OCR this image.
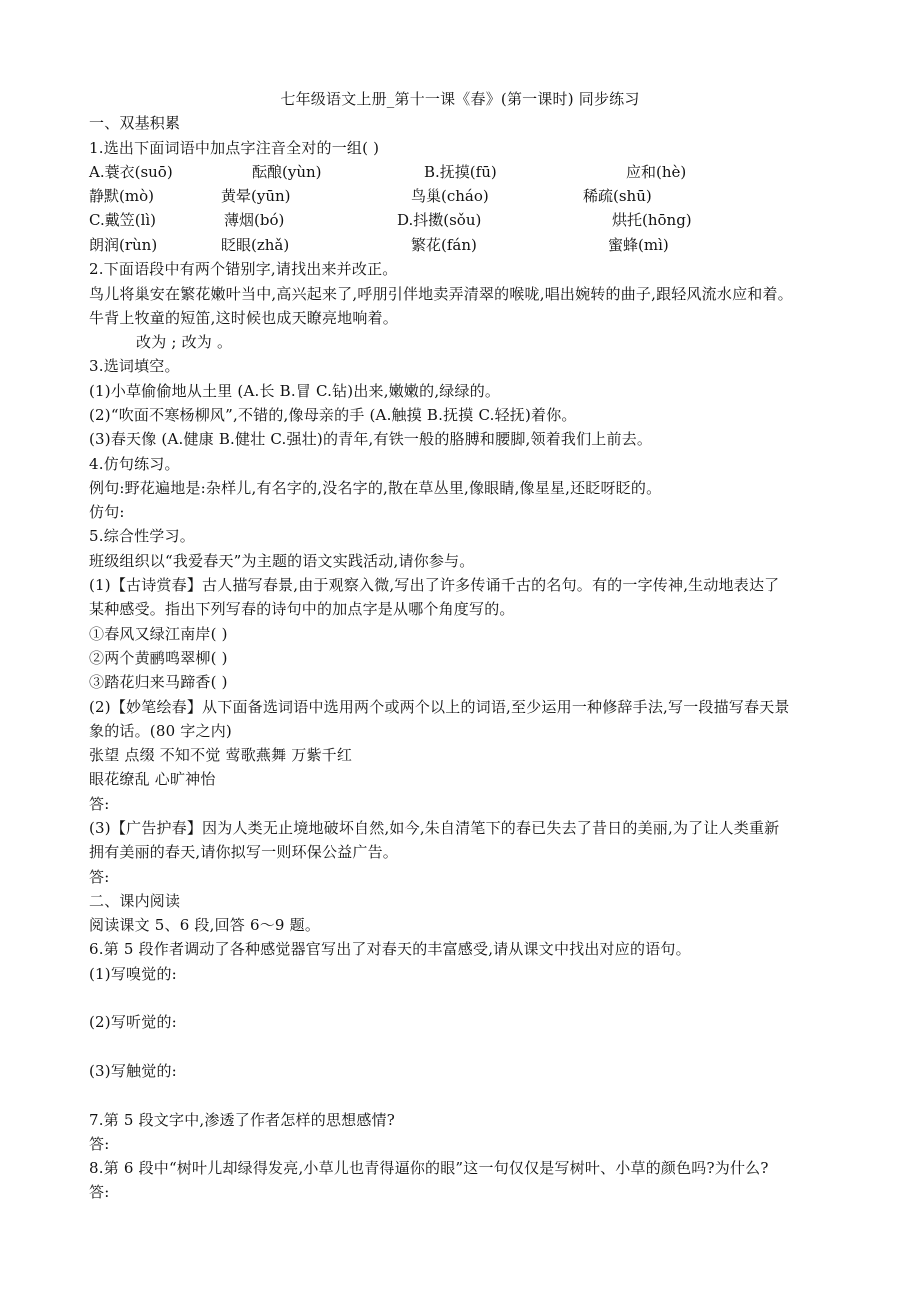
七年级语文上册_第十一课《春》(第一课时) 同步练习
一、双基积累
1.选出下面词语中加点字注音全对的一组( )
A.蓑衣(suō)	酝酿(yùn)	B.抚摸(fū)	应和(hè)
静默(mò)	黄晕(yūn)	鸟巢(cháo)	稀疏(shū)
C.戴笠(lì)	薄烟(bó)	D.抖擞(sǒu)	烘托(hōng)
朗润(rùn)	眨眼(zhǎ)	繁花(fán)	蜜蜂(mì)
2.下面语段中有两个错别字,请找出来并改正。
鸟儿将巢安在繁花嫩叶当中,高兴起来了,呼朋引伴地卖弄清翠的喉咙,唱出婉转的曲子,跟轻风流水应和着。
牛背上牧童的短笛,这时候也成天瞭亮地响着。
改为 ; 改为 。
3.选词填空。
(1)小草偷偷地从土里 (A.长 B.冒 C.钻)出来,嫩嫩的,绿绿的。
(2)“吹面不寒杨柳风”,不错的,像母亲的手 (A.触摸 B.抚摸 C.轻抚)着你。
(3)春天像 (A.健康 B.健壮 C.强壮)的青年,有铁一般的胳膊和腰脚,领着我们上前去。
4.仿句练习。
例句:野花遍地是:杂样儿,有名字的,没名字的,散在草丛里,像眼睛,像星星,还眨呀眨的。
仿句:
5.综合性学习。
班级组织以“我爱春天”为主题的语文实践活动,请你参与。
(1)【古诗赏春】古人描写春景,由于观察入微,写出了许多传诵千古的名句。有的一字传神,生动地表达了
某种感受。指出下列写春的诗句中的加点字是从哪个角度写的。
①春风又绿江南岸( )
②两个黄鹂鸣翠柳( )
③踏花归来马蹄香( )
(2)【妙笔绘春】从下面备选词语中选用两个或两个以上的词语,至少运用一种修辞手法,写一段描写春天景
象的话。(80 字之内)
张望 点缀 不知不觉 莺歌燕舞 万紫千红
眼花缭乱 心旷神怡
答:
(3)【广告护春】因为人类无止境地破坏自然,如今,朱自清笔下的春已失去了昔日的美丽,为了让人类重新
拥有美丽的春天,请你拟写一则环保公益广告。
答:
二、课内阅读
阅读课文 5、6 段,回答 6～9 题。
6.第 5 段作者调动了各种感觉器官写出了对春天的丰富感受,请从课文中找出对应的语句。
(1)写嗅觉的:
(2)写听觉的:
(3)写触觉的:
7.第 5 段文字中,渗透了作者怎样的思想感情?
答:
8.第 6 段中“树叶儿却绿得发亮,小草儿也青得逼你的眼”这一句仅仅是写树叶、小草的颜色吗?为什么?
答:
